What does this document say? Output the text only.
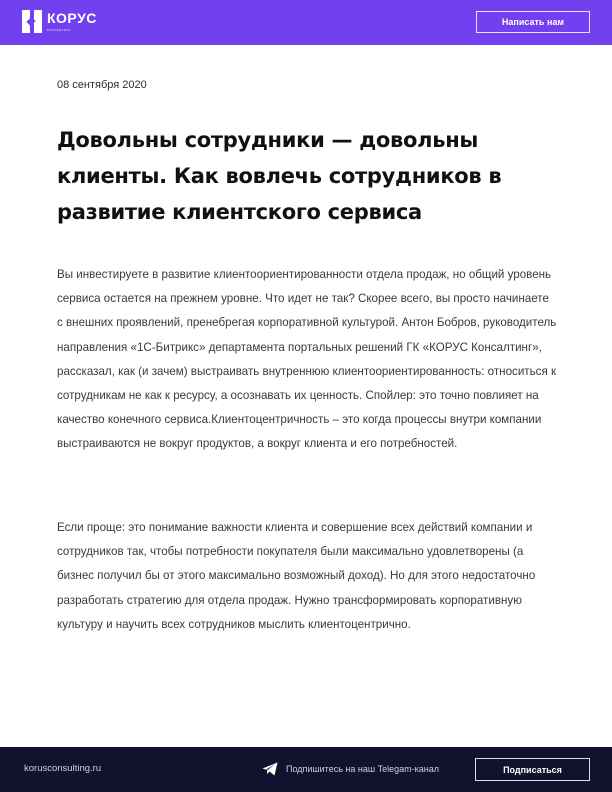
КОРУС
консалтинг
Написать нам
08 сентября 2020
Довольны сотрудники — довольны клиенты. Как вовлечь сотрудников в развитие клиентского сервиса

Вы инвестируете в развитие клиентоориентированности отдела продаж, но общий уровень сервиса остается на прежнем уровне. Что идет не так? Скорее всего, вы просто начинаете с внешних проявлений, пренебрегая корпоративной культурой. Антон Бобров, руководитель направления «1С-Битрикс» департамента портальных решений ГК «КОРУС Консалтинг», рассказал, как (и зачем) выстраивать внутреннюю клиентоориентированность: относиться к сотрудникам не как к ресурсу, а осознавать их ценность. Спойлер: это точно повлияет на качество конечного сервиса.Клиентоцентричность – это когда процессы внутри компании выстраиваются не вокруг продуктов, а вокруг клиента и его потребностей.

Если проще: это понимание важности клиента и совершение всех действий компании и сотрудников так, чтобы потребности покупателя были максимально удовлетворены (а бизнес получил бы от этого максимально возможный доход). Но для этого недостаточно разработать стратегию для отдела продаж. Нужно трансформировать корпоративную культуру и научить всех сотрудников мыслить клиентоцентрично.

korusconsulting.ru	Подпишитесь на наш Telegam-канал	Подписаться
